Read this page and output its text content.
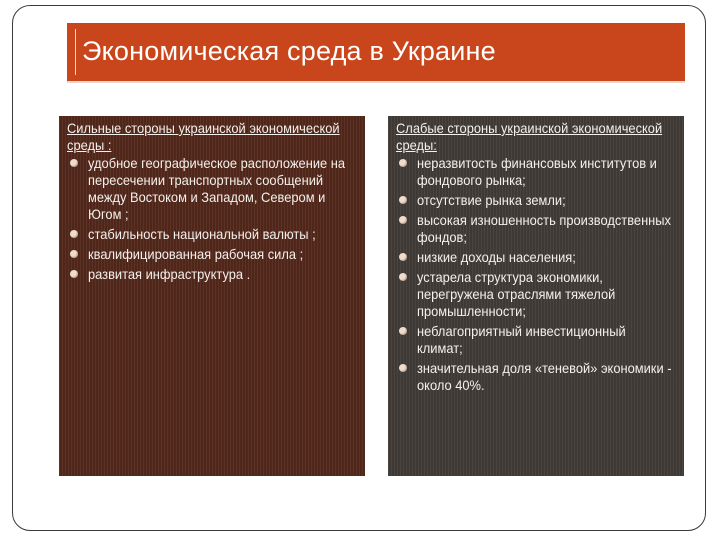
Экономическая среда в Украине
Сильные стороны украинской экономической среды :
удобное географическое расположение на пересечении транспортных сообщений между Востоком и Западом, Севером и Югом ;
стабильность национальной валюты ;
квалифицированная рабочая сила ;
развитая инфраструктура .
Слабые стороны украинской экономической среды:
неразвитость финансовых институтов и фондового рынка;
отсутствие рынка земли;
высокая изношенность производственных фондов;
низкие доходы населения;
устарела структура экономики, перегружена отраслями тяжелой промышленности;
неблагоприятный инвестиционный климат;
значительная доля «теневой» экономики - около 40%.
